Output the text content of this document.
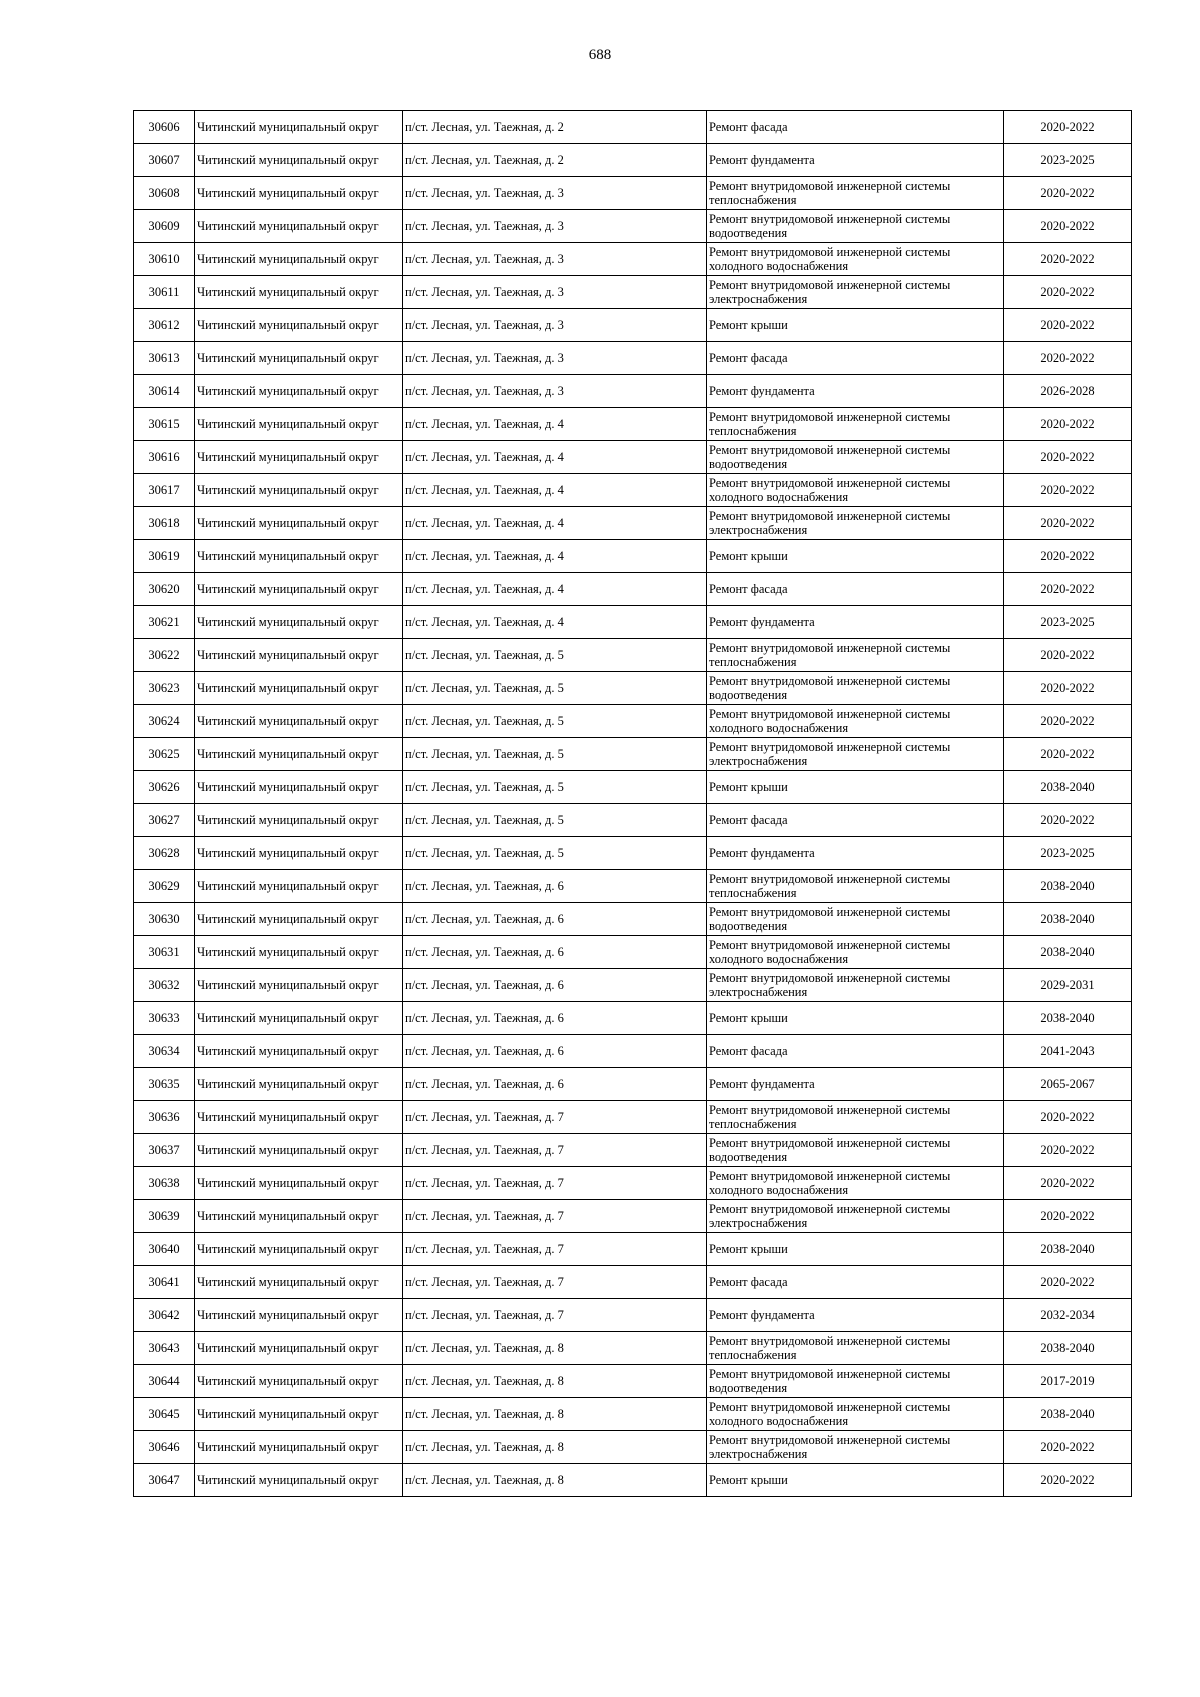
688
30606	Читинский муниципальный округ	п/ст. Лесная, ул. Таежная, д. 2	Ремонт фасада	2020-2022
30607	Читинский муниципальный округ	п/ст. Лесная, ул. Таежная, д. 2	Ремонт фундамента	2023-2025
30608	Читинский муниципальный округ	п/ст. Лесная, ул. Таежная, д. 3	Ремонт внутридомовой инженерной системы теплоснабжения	2020-2022
30609	Читинский муниципальный округ	п/ст. Лесная, ул. Таежная, д. 3	Ремонт внутридомовой инженерной системы водоотведения	2020-2022
30610	Читинский муниципальный округ	п/ст. Лесная, ул. Таежная, д. 3	Ремонт внутридомовой инженерной системы холодного водоснабжения	2020-2022
30611	Читинский муниципальный округ	п/ст. Лесная, ул. Таежная, д. 3	Ремонт внутридомовой инженерной системы электроснабжения	2020-2022
30612	Читинский муниципальный округ	п/ст. Лесная, ул. Таежная, д. 3	Ремонт крыши	2020-2022
30613	Читинский муниципальный округ	п/ст. Лесная, ул. Таежная, д. 3	Ремонт фасада	2020-2022
30614	Читинский муниципальный округ	п/ст. Лесная, ул. Таежная, д. 3	Ремонт фундамента	2026-2028
30615	Читинский муниципальный округ	п/ст. Лесная, ул. Таежная, д. 4	Ремонт внутридомовой инженерной системы теплоснабжения	2020-2022
30616	Читинский муниципальный округ	п/ст. Лесная, ул. Таежная, д. 4	Ремонт внутридомовой инженерной системы водоотведения	2020-2022
30617	Читинский муниципальный округ	п/ст. Лесная, ул. Таежная, д. 4	Ремонт внутридомовой инженерной системы холодного водоснабжения	2020-2022
30618	Читинский муниципальный округ	п/ст. Лесная, ул. Таежная, д. 4	Ремонт внутридомовой инженерной системы электроснабжения	2020-2022
30619	Читинский муниципальный округ	п/ст. Лесная, ул. Таежная, д. 4	Ремонт крыши	2020-2022
30620	Читинский муниципальный округ	п/ст. Лесная, ул. Таежная, д. 4	Ремонт фасада	2020-2022
30621	Читинский муниципальный округ	п/ст. Лесная, ул. Таежная, д. 4	Ремонт фундамента	2023-2025
30622	Читинский муниципальный округ	п/ст. Лесная, ул. Таежная, д. 5	Ремонт внутридомовой инженерной системы теплоснабжения	2020-2022
30623	Читинский муниципальный округ	п/ст. Лесная, ул. Таежная, д. 5	Ремонт внутридомовой инженерной системы водоотведения	2020-2022
30624	Читинский муниципальный округ	п/ст. Лесная, ул. Таежная, д. 5	Ремонт внутридомовой инженерной системы холодного водоснабжения	2020-2022
30625	Читинский муниципальный округ	п/ст. Лесная, ул. Таежная, д. 5	Ремонт внутридомовой инженерной системы электроснабжения	2020-2022
30626	Читинский муниципальный округ	п/ст. Лесная, ул. Таежная, д. 5	Ремонт крыши	2038-2040
30627	Читинский муниципальный округ	п/ст. Лесная, ул. Таежная, д. 5	Ремонт фасада	2020-2022
30628	Читинский муниципальный округ	п/ст. Лесная, ул. Таежная, д. 5	Ремонт фундамента	2023-2025
30629	Читинский муниципальный округ	п/ст. Лесная, ул. Таежная, д. 6	Ремонт внутридомовой инженерной системы теплоснабжения	2038-2040
30630	Читинский муниципальный округ	п/ст. Лесная, ул. Таежная, д. 6	Ремонт внутридомовой инженерной системы водоотведения	2038-2040
30631	Читинский муниципальный округ	п/ст. Лесная, ул. Таежная, д. 6	Ремонт внутридомовой инженерной системы холодного водоснабжения	2038-2040
30632	Читинский муниципальный округ	п/ст. Лесная, ул. Таежная, д. 6	Ремонт внутридомовой инженерной системы электроснабжения	2029-2031
30633	Читинский муниципальный округ	п/ст. Лесная, ул. Таежная, д. 6	Ремонт крыши	2038-2040
30634	Читинский муниципальный округ	п/ст. Лесная, ул. Таежная, д. 6	Ремонт фасада	2041-2043
30635	Читинский муниципальный округ	п/ст. Лесная, ул. Таежная, д. 6	Ремонт фундамента	2065-2067
30636	Читинский муниципальный округ	п/ст. Лесная, ул. Таежная, д. 7	Ремонт внутридомовой инженерной системы теплоснабжения	2020-2022
30637	Читинский муниципальный округ	п/ст. Лесная, ул. Таежная, д. 7	Ремонт внутридомовой инженерной системы водоотведения	2020-2022
30638	Читинский муниципальный округ	п/ст. Лесная, ул. Таежная, д. 7	Ремонт внутридомовой инженерной системы холодного водоснабжения	2020-2022
30639	Читинский муниципальный округ	п/ст. Лесная, ул. Таежная, д. 7	Ремонт внутридомовой инженерной системы электроснабжения	2020-2022
30640	Читинский муниципальный округ	п/ст. Лесная, ул. Таежная, д. 7	Ремонт крыши	2038-2040
30641	Читинский муниципальный округ	п/ст. Лесная, ул. Таежная, д. 7	Ремонт фасада	2020-2022
30642	Читинский муниципальный округ	п/ст. Лесная, ул. Таежная, д. 7	Ремонт фундамента	2032-2034
30643	Читинский муниципальный округ	п/ст. Лесная, ул. Таежная, д. 8	Ремонт внутридомовой инженерной системы теплоснабжения	2038-2040
30644	Читинский муниципальный округ	п/ст. Лесная, ул. Таежная, д. 8	Ремонт внутридомовой инженерной системы водоотведения	2017-2019
30645	Читинский муниципальный округ	п/ст. Лесная, ул. Таежная, д. 8	Ремонт внутридомовой инженерной системы холодного водоснабжения	2038-2040
30646	Читинский муниципальный округ	п/ст. Лесная, ул. Таежная, д. 8	Ремонт внутридомовой инженерной системы электроснабжения	2020-2022
30647	Читинский муниципальный округ	п/ст. Лесная, ул. Таежная, д. 8	Ремонт крыши	2020-2022
